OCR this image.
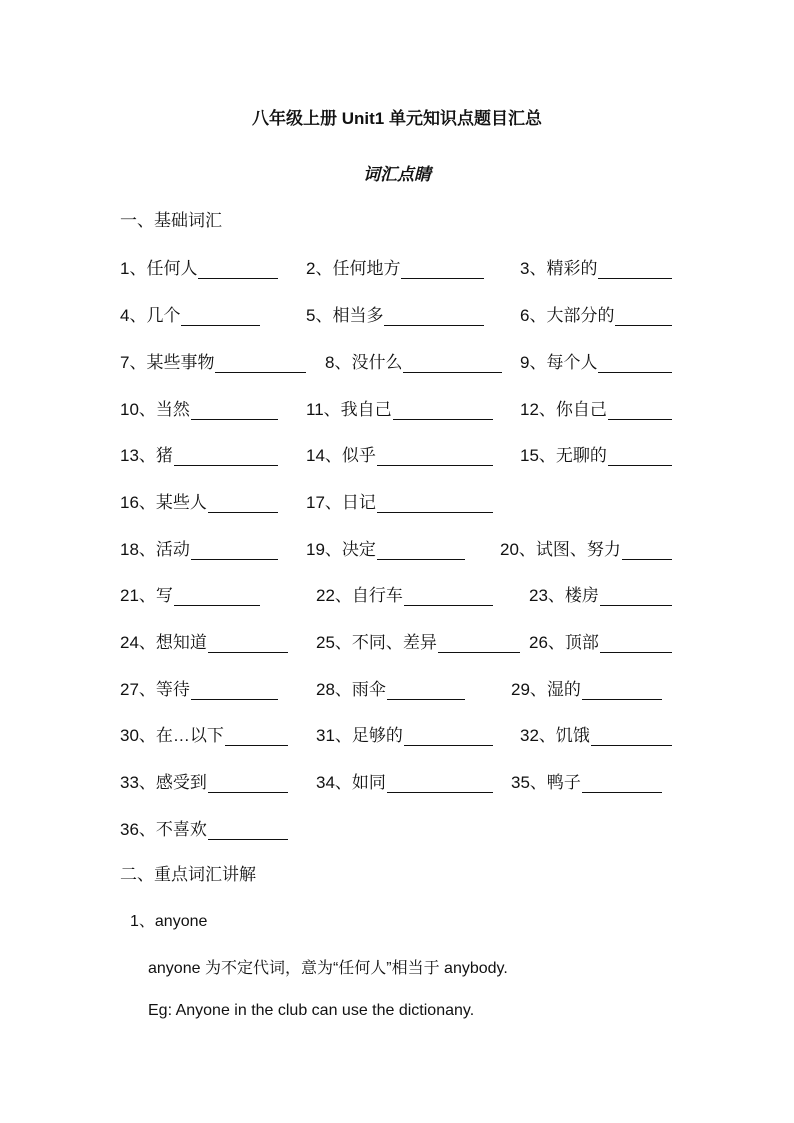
八年级上册 Unit1 单元知识点题目汇总
词汇点睛
一、基础词汇
1、任何人	2、任何地方	3、精彩的
4、几个	5、相当多	6、大部分的
7、某些事物	8、没什么	9、每个人
10、当然	11、我自己	12、你自己
13、猪	14、似乎	15、无聊的
16、某些人	17、日记
18、活动	19、决定	20、试图、努力
21、写	22、自行车	23、楼房
24、想知道	25、不同、差异	26、顶部
27、等待	28、雨伞	29、湿的
30、在…以下	31、足够的	32、饥饿
33、感受到	34、如同	35、鸭子
36、不喜欢
二、重点词汇讲解
1、anyone
anyone 为不定代词，意为“任何人”相当于 anybody.
Eg: Anyone in the club can use the dictionany.
